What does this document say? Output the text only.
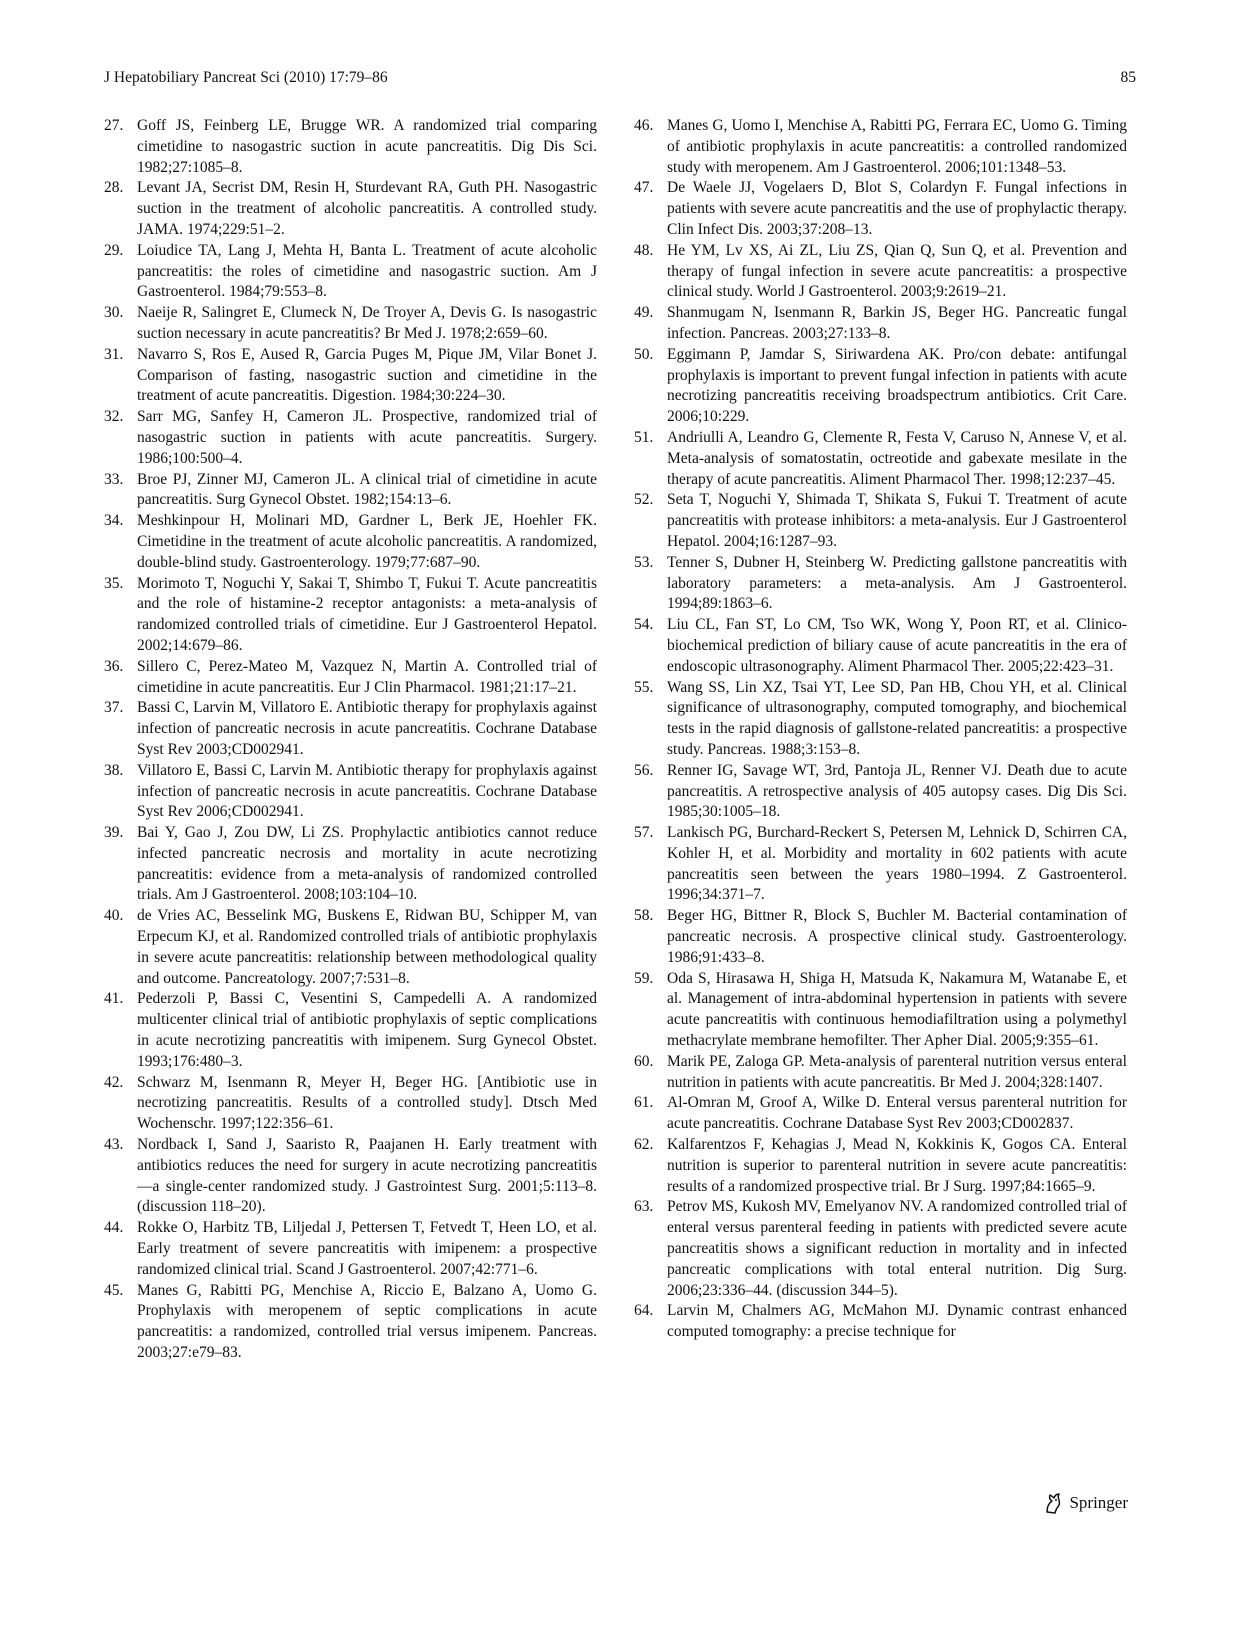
J Hepatobiliary Pancreat Sci (2010) 17:79–86	85
27. Goff JS, Feinberg LE, Brugge WR. A randomized trial comparing cimetidine to nasogastric suction in acute pancreatitis. Dig Dis Sci. 1982;27:1085–8.
28. Levant JA, Secrist DM, Resin H, Sturdevant RA, Guth PH. Nasogastric suction in the treatment of alcoholic pancreatitis. A controlled study. JAMA. 1974;229:51–2.
29. Loiudice TA, Lang J, Mehta H, Banta L. Treatment of acute alcoholic pancreatitis: the roles of cimetidine and nasogastric suction. Am J Gastroenterol. 1984;79:553–8.
30. Naeije R, Salingret E, Clumeck N, De Troyer A, Devis G. Is nasogastric suction necessary in acute pancreatitis? Br Med J. 1978;2:659–60.
31. Navarro S, Ros E, Aused R, Garcia Puges M, Pique JM, Vilar Bonet J. Comparison of fasting, nasogastric suction and cimetidine in the treatment of acute pancreatitis. Digestion. 1984;30:224–30.
32. Sarr MG, Sanfey H, Cameron JL. Prospective, randomized trial of nasogastric suction in patients with acute pancreatitis. Surgery. 1986;100:500–4.
33. Broe PJ, Zinner MJ, Cameron JL. A clinical trial of cimetidine in acute pancreatitis. Surg Gynecol Obstet. 1982;154:13–6.
34. Meshkinpour H, Molinari MD, Gardner L, Berk JE, Hoehler FK. Cimetidine in the treatment of acute alcoholic pancreatitis. A randomized, double-blind study. Gastroenterology. 1979;77:687–90.
35. Morimoto T, Noguchi Y, Sakai T, Shimbo T, Fukui T. Acute pancreatitis and the role of histamine-2 receptor antagonists: a meta-analysis of randomized controlled trials of cimetidine. Eur J Gastroenterol Hepatol. 2002;14:679–86.
36. Sillero C, Perez-Mateo M, Vazquez N, Martin A. Controlled trial of cimetidine in acute pancreatitis. Eur J Clin Pharmacol. 1981;21:17–21.
37. Bassi C, Larvin M, Villatoro E. Antibiotic therapy for prophylaxis against infection of pancreatic necrosis in acute pancreatitis. Cochrane Database Syst Rev 2003;CD002941.
38. Villatoro E, Bassi C, Larvin M. Antibiotic therapy for prophylaxis against infection of pancreatic necrosis in acute pancreatitis. Cochrane Database Syst Rev 2006;CD002941.
39. Bai Y, Gao J, Zou DW, Li ZS. Prophylactic antibiotics cannot reduce infected pancreatic necrosis and mortality in acute necrotizing pancreatitis: evidence from a meta-analysis of randomized controlled trials. Am J Gastroenterol. 2008;103:104–10.
40. de Vries AC, Besselink MG, Buskens E, Ridwan BU, Schipper M, van Erpecum KJ, et al. Randomized controlled trials of antibiotic prophylaxis in severe acute pancreatitis: relationship between methodological quality and outcome. Pancreatology. 2007;7:531–8.
41. Pederzoli P, Bassi C, Vesentini S, Campedelli A. A randomized multicenter clinical trial of antibiotic prophylaxis of septic complications in acute necrotizing pancreatitis with imipenem. Surg Gynecol Obstet. 1993;176:480–3.
42. Schwarz M, Isenmann R, Meyer H, Beger HG. [Antibiotic use in necrotizing pancreatitis. Results of a controlled study]. Dtsch Med Wochenschr. 1997;122:356–61.
43. Nordback I, Sand J, Saaristo R, Paajanen H. Early treatment with antibiotics reduces the need for surgery in acute necrotizing pancreatitis—a single-center randomized study. J Gastrointest Surg. 2001;5:113–8. (discussion 118–20).
44. Rokke O, Harbitz TB, Liljedal J, Pettersen T, Fetvedt T, Heen LO, et al. Early treatment of severe pancreatitis with imipenem: a prospective randomized clinical trial. Scand J Gastroenterol. 2007;42:771–6.
45. Manes G, Rabitti PG, Menchise A, Riccio E, Balzano A, Uomo G. Prophylaxis with meropenem of septic complications in acute pancreatitis: a randomized, controlled trial versus imipenem. Pancreas. 2003;27:e79–83.
46. Manes G, Uomo I, Menchise A, Rabitti PG, Ferrara EC, Uomo G. Timing of antibiotic prophylaxis in acute pancreatitis: a controlled randomized study with meropenem. Am J Gastroenterol. 2006;101:1348–53.
47. De Waele JJ, Vogelaers D, Blot S, Colardyn F. Fungal infections in patients with severe acute pancreatitis and the use of prophylactic therapy. Clin Infect Dis. 2003;37:208–13.
48. He YM, Lv XS, Ai ZL, Liu ZS, Qian Q, Sun Q, et al. Prevention and therapy of fungal infection in severe acute pancreatitis: a prospective clinical study. World J Gastroenterol. 2003;9:2619–21.
49. Shanmugam N, Isenmann R, Barkin JS, Beger HG. Pancreatic fungal infection. Pancreas. 2003;27:133–8.
50. Eggimann P, Jamdar S, Siriwardena AK. Pro/con debate: antifungal prophylaxis is important to prevent fungal infection in patients with acute necrotizing pancreatitis receiving broadspectrum antibiotics. Crit Care. 2006;10:229.
51. Andriulli A, Leandro G, Clemente R, Festa V, Caruso N, Annese V, et al. Meta-analysis of somatostatin, octreotide and gabexate mesilate in the therapy of acute pancreatitis. Aliment Pharmacol Ther. 1998;12:237–45.
52. Seta T, Noguchi Y, Shimada T, Shikata S, Fukui T. Treatment of acute pancreatitis with protease inhibitors: a meta-analysis. Eur J Gastroenterol Hepatol. 2004;16:1287–93.
53. Tenner S, Dubner H, Steinberg W. Predicting gallstone pancreatitis with laboratory parameters: a meta-analysis. Am J Gastroenterol. 1994;89:1863–6.
54. Liu CL, Fan ST, Lo CM, Tso WK, Wong Y, Poon RT, et al. Clinico-biochemical prediction of biliary cause of acute pancreatitis in the era of endoscopic ultrasonography. Aliment Pharmacol Ther. 2005;22:423–31.
55. Wang SS, Lin XZ, Tsai YT, Lee SD, Pan HB, Chou YH, et al. Clinical significance of ultrasonography, computed tomography, and biochemical tests in the rapid diagnosis of gallstone-related pancreatitis: a prospective study. Pancreas. 1988;3:153–8.
56. Renner IG, Savage WT, 3rd, Pantoja JL, Renner VJ. Death due to acute pancreatitis. A retrospective analysis of 405 autopsy cases. Dig Dis Sci. 1985;30:1005–18.
57. Lankisch PG, Burchard-Reckert S, Petersen M, Lehnick D, Schirren CA, Kohler H, et al. Morbidity and mortality in 602 patients with acute pancreatitis seen between the years 1980–1994. Z Gastroenterol. 1996;34:371–7.
58. Beger HG, Bittner R, Block S, Buchler M. Bacterial contamination of pancreatic necrosis. A prospective clinical study. Gastroenterology. 1986;91:433–8.
59. Oda S, Hirasawa H, Shiga H, Matsuda K, Nakamura M, Watanabe E, et al. Management of intra-abdominal hypertension in patients with severe acute pancreatitis with continuous hemodiafiltration using a polymethyl methacrylate membrane hemofilter. Ther Apher Dial. 2005;9:355–61.
60. Marik PE, Zaloga GP. Meta-analysis of parenteral nutrition versus enteral nutrition in patients with acute pancreatitis. Br Med J. 2004;328:1407.
61. Al-Omran M, Groof A, Wilke D. Enteral versus parenteral nutrition for acute pancreatitis. Cochrane Database Syst Rev 2003;CD002837.
62. Kalfarentzos F, Kehagias J, Mead N, Kokkinis K, Gogos CA. Enteral nutrition is superior to parenteral nutrition in severe acute pancreatitis: results of a randomized prospective trial. Br J Surg. 1997;84:1665–9.
63. Petrov MS, Kukosh MV, Emelyanov NV. A randomized controlled trial of enteral versus parenteral feeding in patients with predicted severe acute pancreatitis shows a significant reduction in mortality and in infected pancreatic complications with total enteral nutrition. Dig Surg. 2006;23:336–44. (discussion 344–5).
64. Larvin M, Chalmers AG, McMahon MJ. Dynamic contrast enhanced computed tomography: a precise technique for
Springer
